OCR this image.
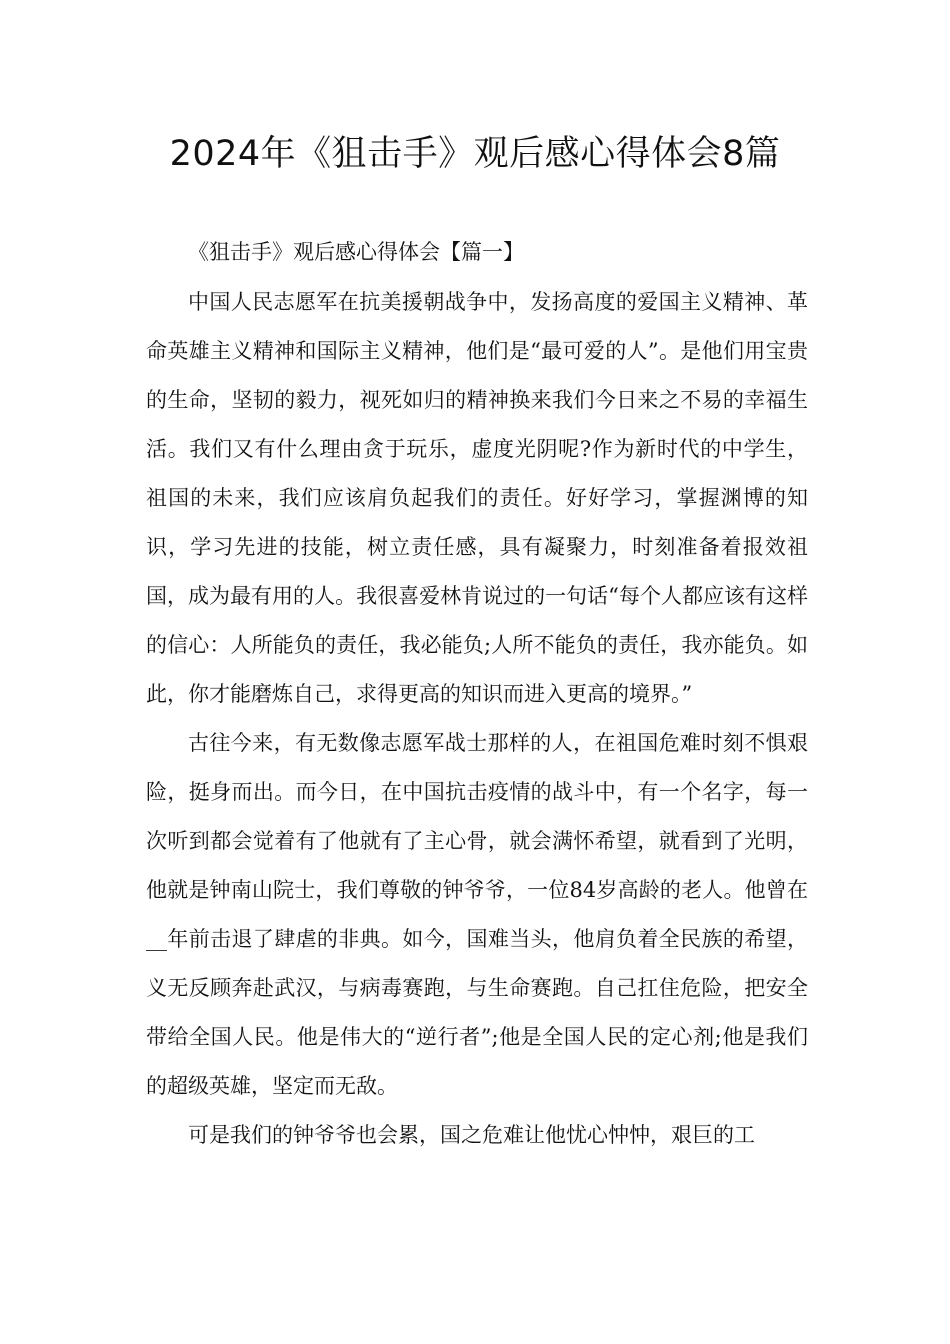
2024年《狙击手》观后感心得体会8篇
《狙击手》观后感心得体会【篇一】

中国人民志愿军在抗美援朝战争中，发扬高度的爱国主义精神、革命英雄主义精神和国际主义精神，他们是“最可爱的人”。是他们用宝贵的生命，坚韧的毅力，视死如归的精神换来我们今日来之不易的幸福生活。我们又有什么理由贪于玩乐，虚度光阴呢?作为新时代的中学生，祖国的未来，我们应该肩负起我们的责任。好好学习，掌握渊博的知识，学习先进的技能，树立责任感，具有凝聚力，时刻准备着报效祖国，成为最有用的人。我很喜爱林肯说过的一句话“每个人都应该有这样的信心：人所能负的责任，我必能负;人所不能负的责任，我亦能负。如此，你才能磨炼自己，求得更高的知识而进入更高的境界。”

古往今来，有无数像志愿军战士那样的人，在祖国危难时刻不惧艰险，挺身而出。而今日，在中国抗击疫情的战斗中，有一个名字，每一次听到都会觉着有了他就有了主心骨，就会满怀希望，就看到了光明，他就是钟南山院士，我们尊敬的钟爷爷，一位84岁高龄的老人。他曾在__年前击退了肆虐的非典。如今，国难当头，他肩负着全民族的希望，义无反顾奔赴武汉，与病毒赛跑，与生命赛跑。自己扛住危险，把安全带给全国人民。他是伟大的“逆行者”;他是全国人民的定心剂;他是我们的超级英雄，坚定而无敌。

可是我们的钟爷爷也会累，国之危难让他忧心忡忡，艰巨的工
